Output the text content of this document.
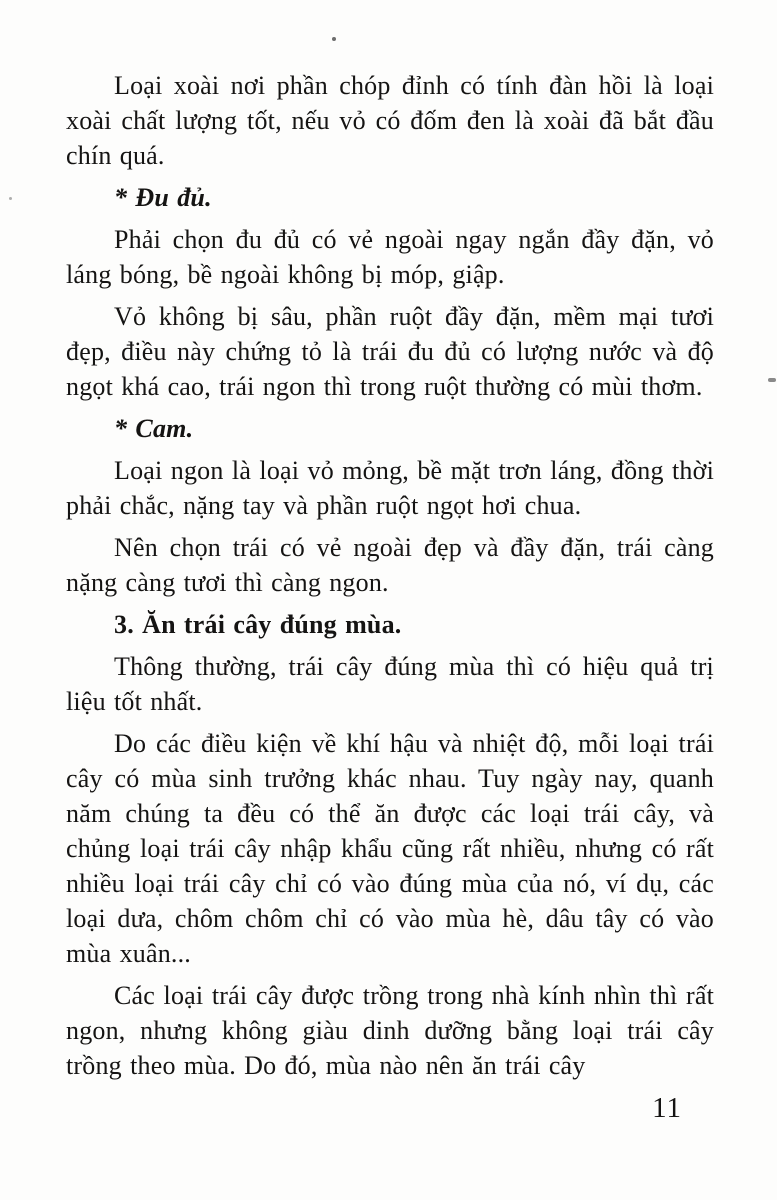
Loại xoài nơi phần chóp đỉnh có tính đàn hồi là loại xoài chất lượng tốt, nếu vỏ có đốm đen là xoài đã bắt đầu chín quá.

* Đu đủ.

Phải chọn đu đủ có vẻ ngoài ngay ngắn đầy đặn, vỏ láng bóng, bề ngoài không bị móp, giập.

Vỏ không bị sâu, phần ruột đầy đặn, mềm mại tươi đẹp, điều này chứng tỏ là trái đu đủ có lượng nước và độ ngọt khá cao, trái ngon thì trong ruột thường có mùi thơm.

* Cam.

Loại ngon là loại vỏ mỏng, bề mặt trơn láng, đồng thời phải chắc, nặng tay và phần ruột ngọt hơi chua.

Nên chọn trái có vẻ ngoài đẹp và đầy đặn, trái càng nặng càng tươi thì càng ngon.

3. Ăn trái cây đúng mùa.

Thông thường, trái cây đúng mùa thì có hiệu quả trị liệu tốt nhất.

Do các điều kiện về khí hậu và nhiệt độ, mỗi loại trái cây có mùa sinh trưởng khác nhau. Tuy ngày nay, quanh năm chúng ta đều có thể ăn được các loại trái cây, và chủng loại trái cây nhập khẩu cũng rất nhiều, nhưng có rất nhiều loại trái cây chỉ có vào đúng mùa của nó, ví dụ, các loại dưa, chôm chôm chỉ có vào mùa hè, dâu tây có vào mùa xuân...

Các loại trái cây được trồng trong nhà kính nhìn thì rất ngon, nhưng không giàu dinh dưỡng bằng loại trái cây trồng theo mùa. Do đó, mùa nào nên ăn trái cây

11
